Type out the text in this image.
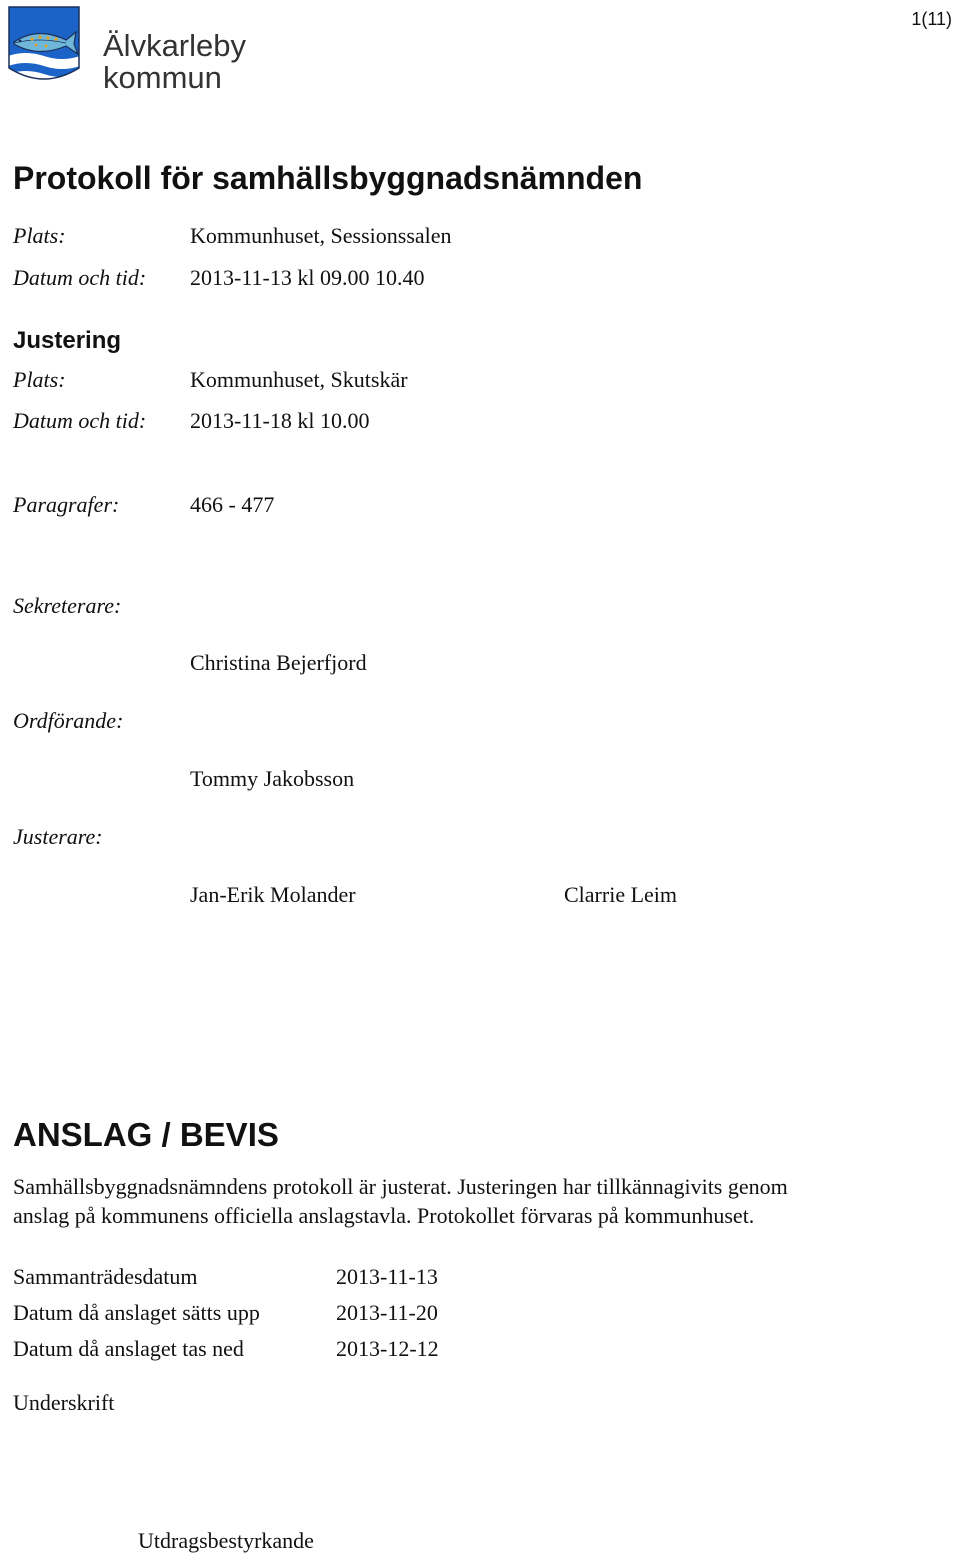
Älvkarleby
kommun
1(11)
Protokoll för samhällsbyggnadsnämnden
Plats:	Kommunhuset, Sessionssalen
Datum och tid: 2013-11-13 kl 09.00 10.40
Justering
Plats:	Kommunhuset, Skutskär
Datum och tid: 2013-11-18 kl 10.00
Paragrafer:	466 - 477
Sekreterare:
Christina Bejerfjord
Ordförande:
Tommy Jakobsson
Justerare:
Jan-Erik Molander	Clarrie Leim
ANSLAG / BEVIS
Samhällsbyggnadsnämndens protokoll är justerat. Justeringen har tillkännagivits genom
anslag på kommunens officiella anslagstavla. Protokollet förvaras på kommunhuset.
Sammanträdesdatum	2013-11-13
Datum då anslaget sätts upp	2013-11-20
Datum då anslaget tas ned	2013-12-12
Underskrift
Utdragsbestyrkande
